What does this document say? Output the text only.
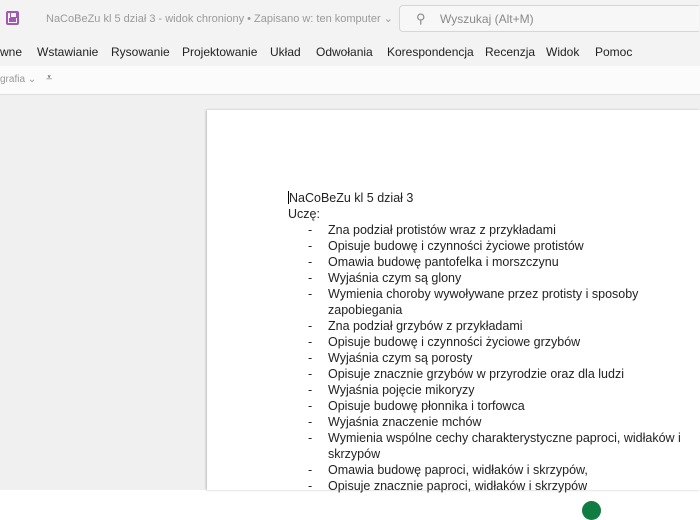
NaCoBeZu kl 5 dział 3 - widok chroniony • Zapisano w: ten komputer ⌄ ⚲ Wyszukaj (Alt+M)
wne Wstawianie Rysowanie Projektowanie Układ Odwołania Korespondencja Recenzja Widok Pomoc
grafia ⌄ ⩡
NaCoBeZu kl 5 dział 3
Uczę:
- Zna podział protistów wraz z przykładami
- Opisuje budowę i czynności życiowe protistów
- Omawia budowę pantofelka i morszczynu
- Wyjaśnia czym są glony
- Wymienia choroby wywoływane przez protisty i sposoby zapobiegania
- Zna podział grzybów z przykładami
- Opisuje budowę i czynności życiowe grzybów
- Wyjaśnia czym są porosty
- Opisuje znacznie grzybów w przyrodzie oraz dla ludzi
- Wyjaśnia pojęcie mikoryzy
- Opisuje budowę płonnika i torfowca
- Wyjaśnia znaczenie mchów
- Wymienia wspólne cechy charakterystyczne paproci, widłaków i skrzypów
- Omawia budowę paproci, widłaków i skrzypów,
- Opisuje znacznie paproci, widłaków i skrzypów
